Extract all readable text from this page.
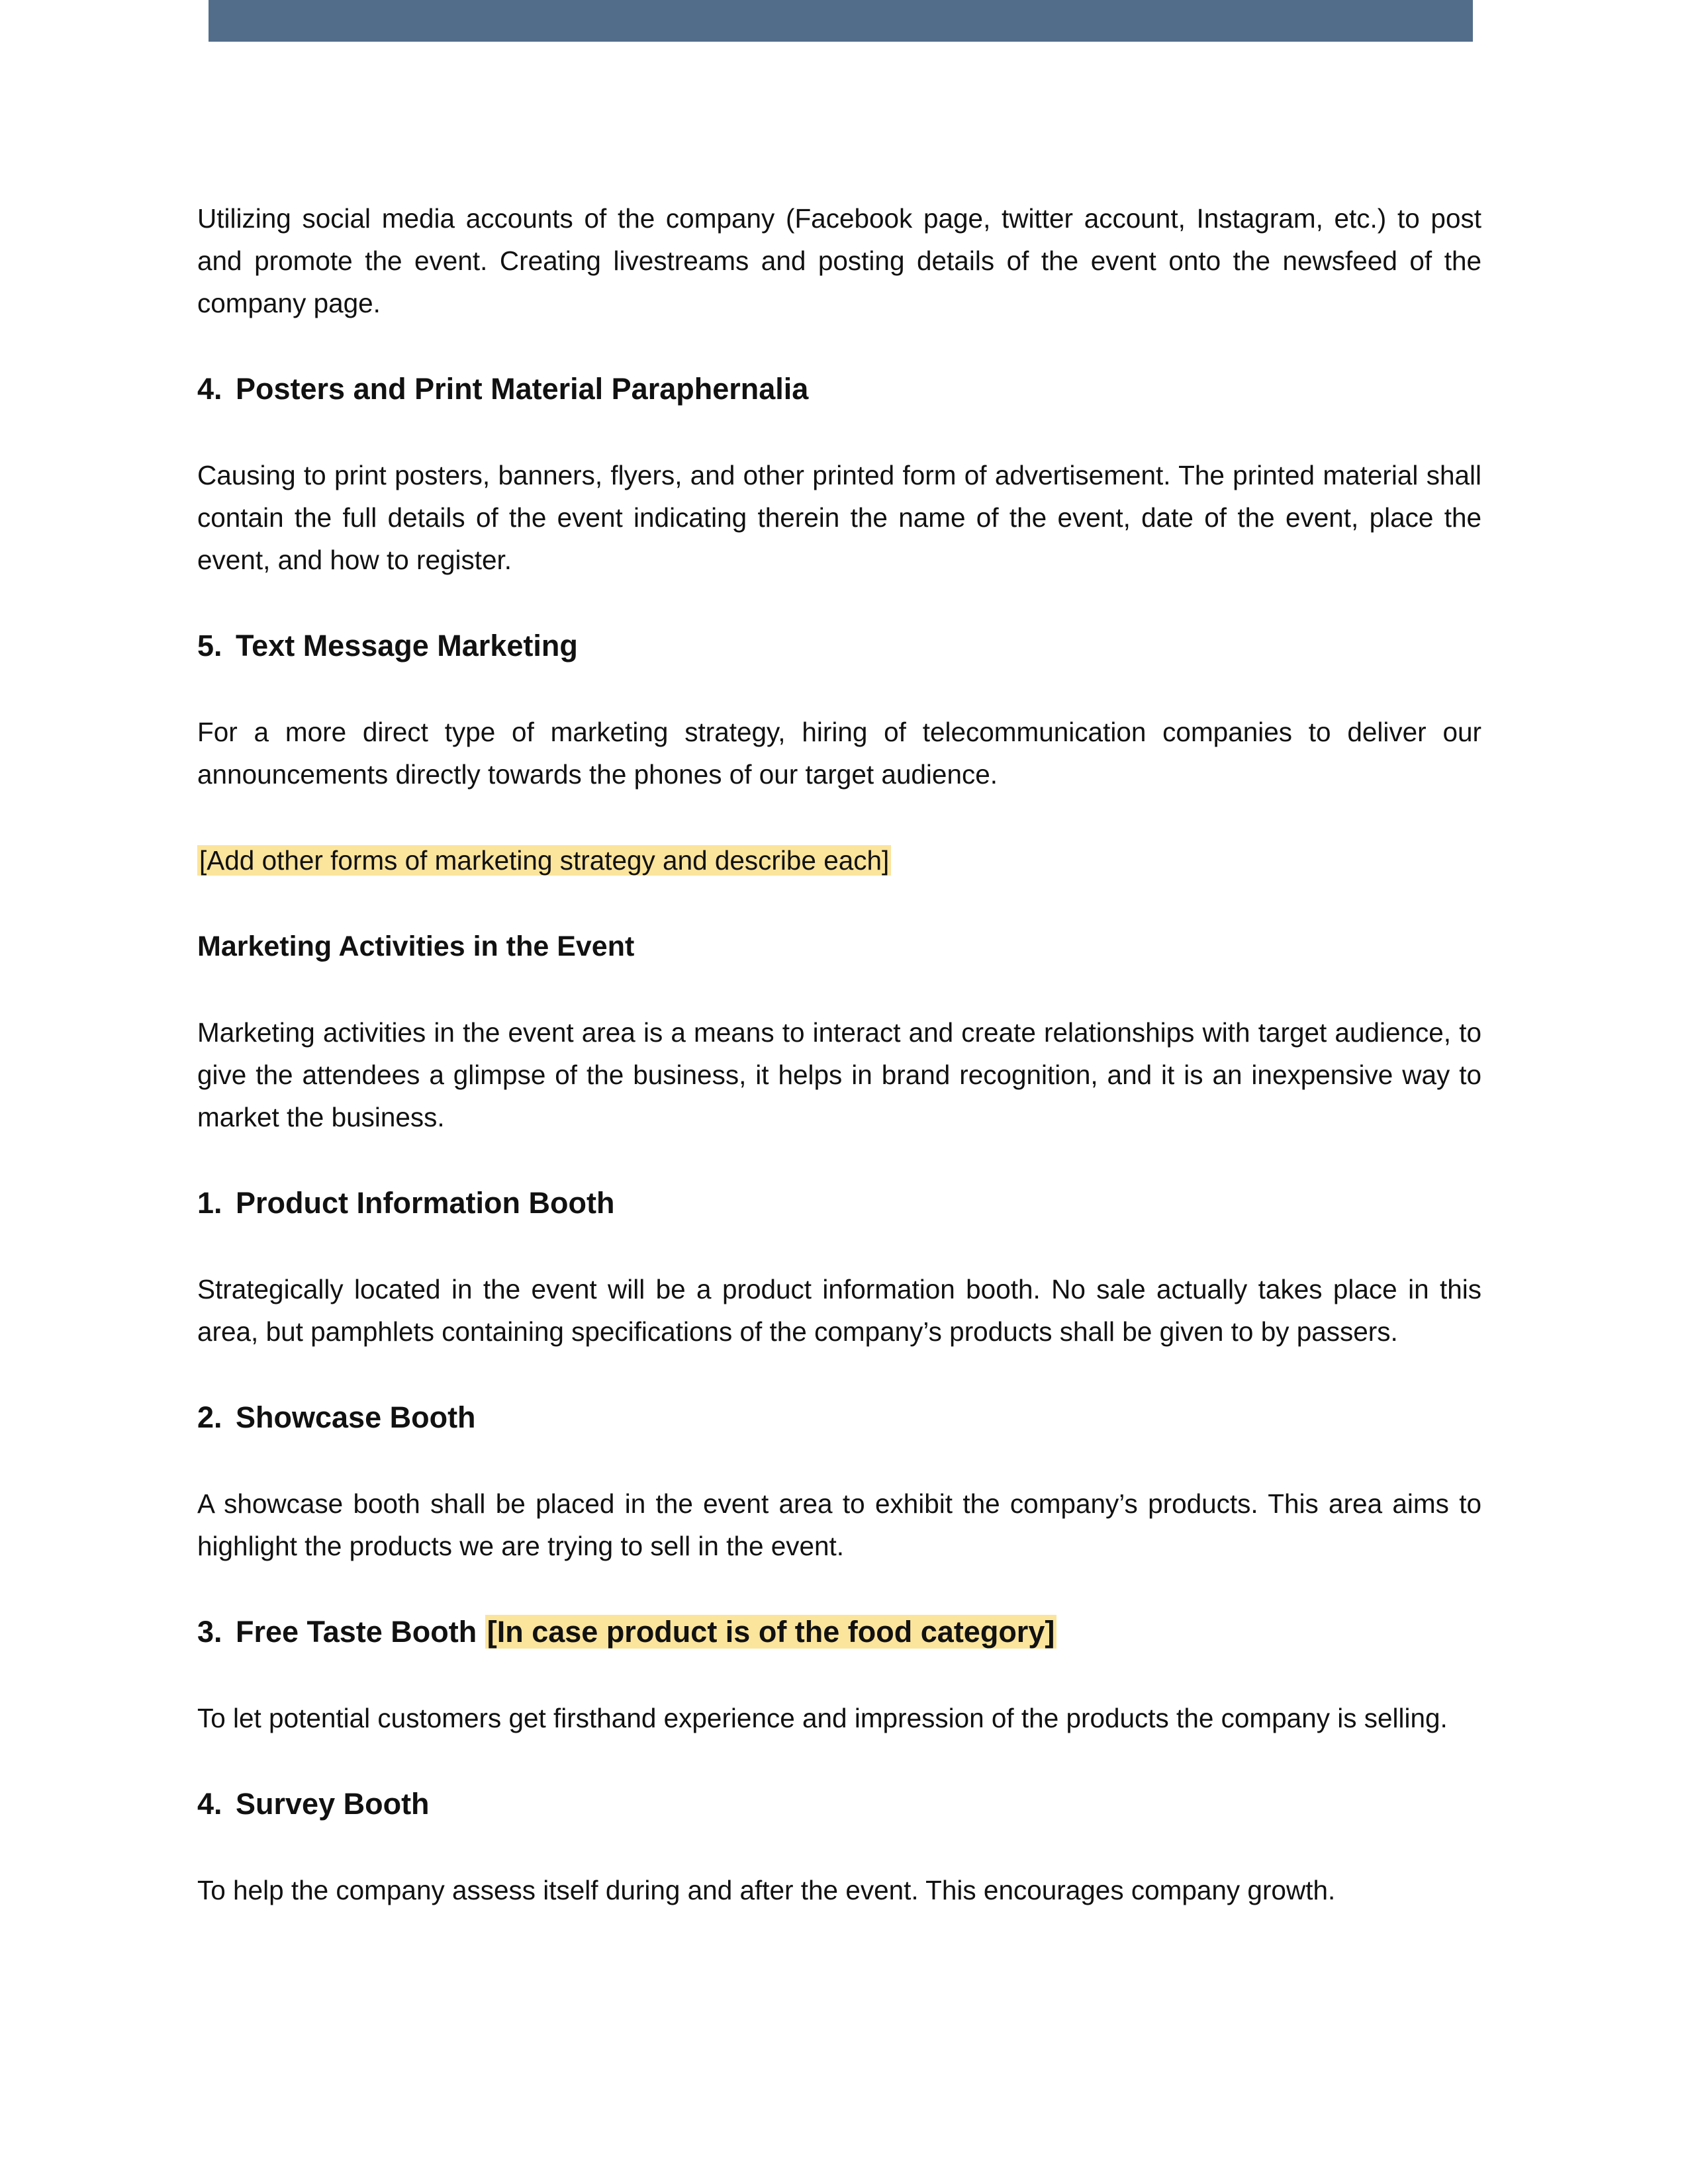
Utilizing social media accounts of the company (Facebook page, twitter account, Instagram, etc.) to post and promote the event. Creating livestreams and posting details of the event onto the newsfeed of the company page.

4. Posters and Print Material Paraphernalia

Causing to print posters, banners, flyers, and other printed form of advertisement. The printed material shall contain the full details of the event indicating therein the name of the event, date of the event, place the event, and how to register.

5. Text Message Marketing

For a more direct type of marketing strategy, hiring of telecommunication companies to deliver our announcements directly towards the phones of our target audience.

[Add other forms of marketing strategy and describe each]

Marketing Activities in the Event

Marketing activities in the event area is a means to interact and create relationships with target audience, to give the attendees a glimpse of the business, it helps in brand recognition, and it is an inexpensive way to market the business.

1. Product Information Booth

Strategically located in the event will be a product information booth. No sale actually takes place in this area, but pamphlets containing specifications of the company’s products shall be given to by passers.

2. Showcase Booth

A showcase booth shall be placed in the event area to exhibit the company’s products. This area aims to highlight the products we are trying to sell in the event.

3. Free Taste Booth [In case product is of the food category]

To let potential customers get firsthand experience and impression of the products the company is selling.

4. Survey Booth

To help the company assess itself during and after the event. This encourages company growth.
